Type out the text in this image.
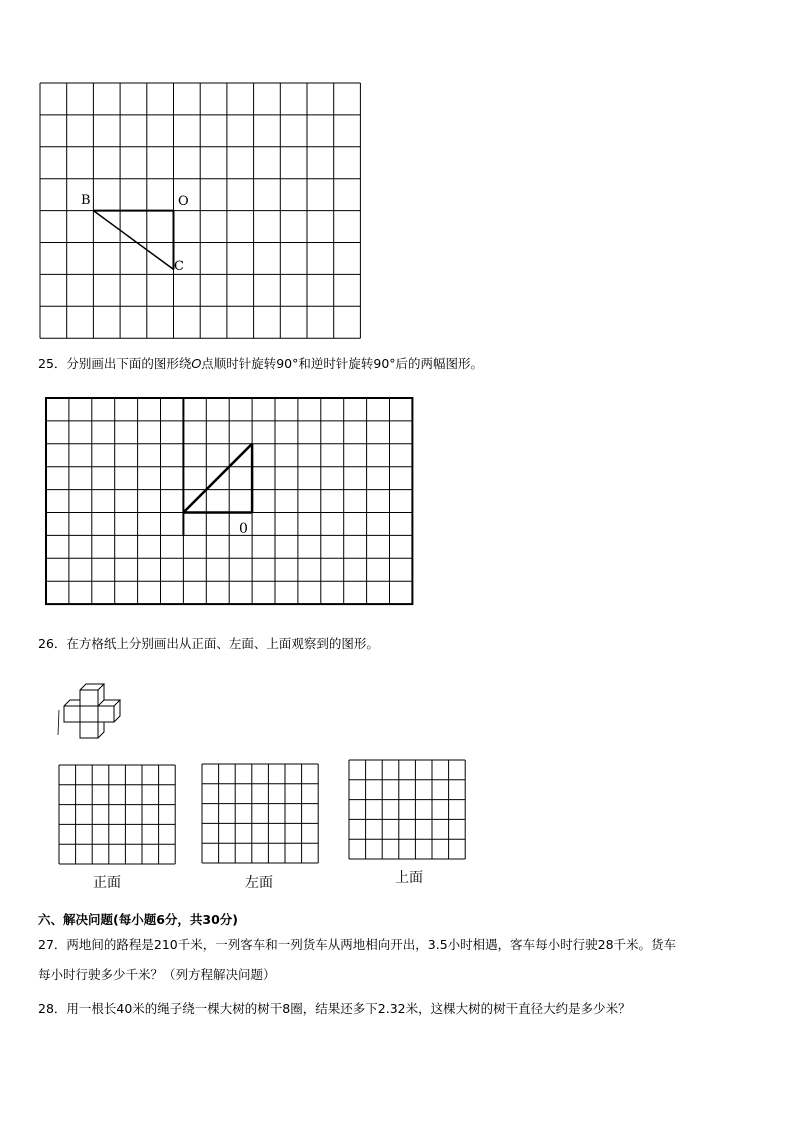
B	O
C
25．分别画出下面的图形绕𝑂点顺时针旋转90°和逆时针旋转90°后的两幅图形。
0
26．在方格纸上分别画出从正面、左面、上面观察到的图形。
正面	左面	上面
六、解决问题(每小题6分，共30分)
27．两地间的路程是210千米，一列客车和一列货车从两地相向开出，3.5小时相遇，客车每小时行驶28千米。货车
每小时行驶多少千米？（列方程解决问题）
28．用一根长40米的绳子绕一棵大树的树干8圈，结果还多下2.32米，这棵大树的树干直径大约是多少米？
